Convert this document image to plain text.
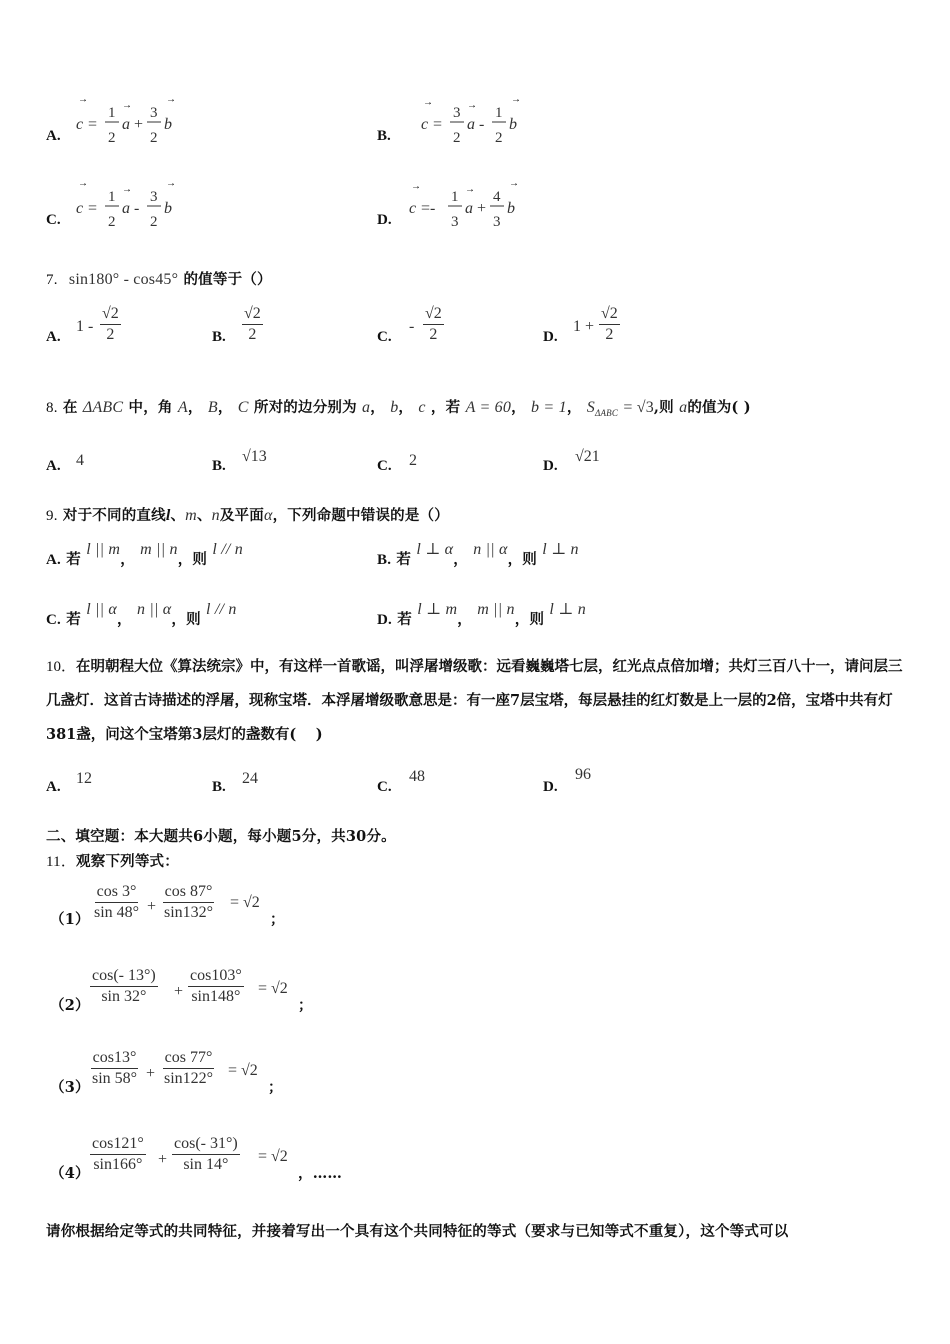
A.
→
c =
1
2
→
a +
3
2
→
b
B.
→
c =
3
2
→
a -
1
2
→
b
C.
→
c =
1
2
→
a -
3
2
→
b
D.
→
c =-
1
3
→
a +
4
3
→
b
7. sin180° - cos45° 的值等于（）
A.
$1 - \frac{√2}{2}$	B. $\frac{√2}{2}$	C.
- $\frac{√2}{2}$	D.
$1 + \frac{√2}{2}$
8. 在 ΔABC 中，角 A， B， C 所对的边分别为 a， b， c ，若 A = 60， b = 1， $S_{\Delta ABC} = √3$,则 a的值为( )
A. 4	B.
√13
C. 2	D.
√21
9. 对于不同的直线l、m、n及平面α，下列命题中错误的是（）
A. 若 l || m， m || n，则 l // n
B. 若 l ⊥ α， n || α，则 l ⊥ n
C. 若 l || α， n || α，则 l // n
D. 若 l ⊥ m， m || n，则 l ⊥ n
10．在明朝程大位《算法统宗》中，有这样一首歌谣，叫浮屠增级歌：远看巍巍塔七层，红光点点倍加增；共灯三百八十一，请问层三几盏灯．这首古诗描述的浮屠，现称宝塔．本浮屠增级歌意思是：有一座7层宝塔，每层悬挂的红灯数是上一层的2倍，宝塔中共有灯381盏，问这个宝塔第3层灯的盏数有(　 )
A. 12	B. 24	C.
48
D.
96
二、填空题：本大题共6小题，每小题5分，共30分。
11．观察下列等式：
$(1) \frac{\cos 3^\circ}{\sin 48^\circ} + \frac{\cos 87^\circ}{\sin 132^\circ} = √2$
；
$(2) \frac{\cos(- 13^\circ)}{\sin 32^\circ} + \frac{\cos 103^\circ}{\sin 148^\circ} = √2$
；
$(3) \frac{\cos 13^\circ}{\sin 58^\circ} + \frac{\cos 77^\circ}{\sin 122^\circ} = √2$
；
$(4) \frac{\cos 121^\circ}{\sin 166^\circ} + \frac{\cos(- 31^\circ)}{\sin 14^\circ} = √2$
，……
请你根据给定等式的共同特征，并接着写出一个具有这个共同特征的等式（要求与已知等式不重复），这个等式可以
